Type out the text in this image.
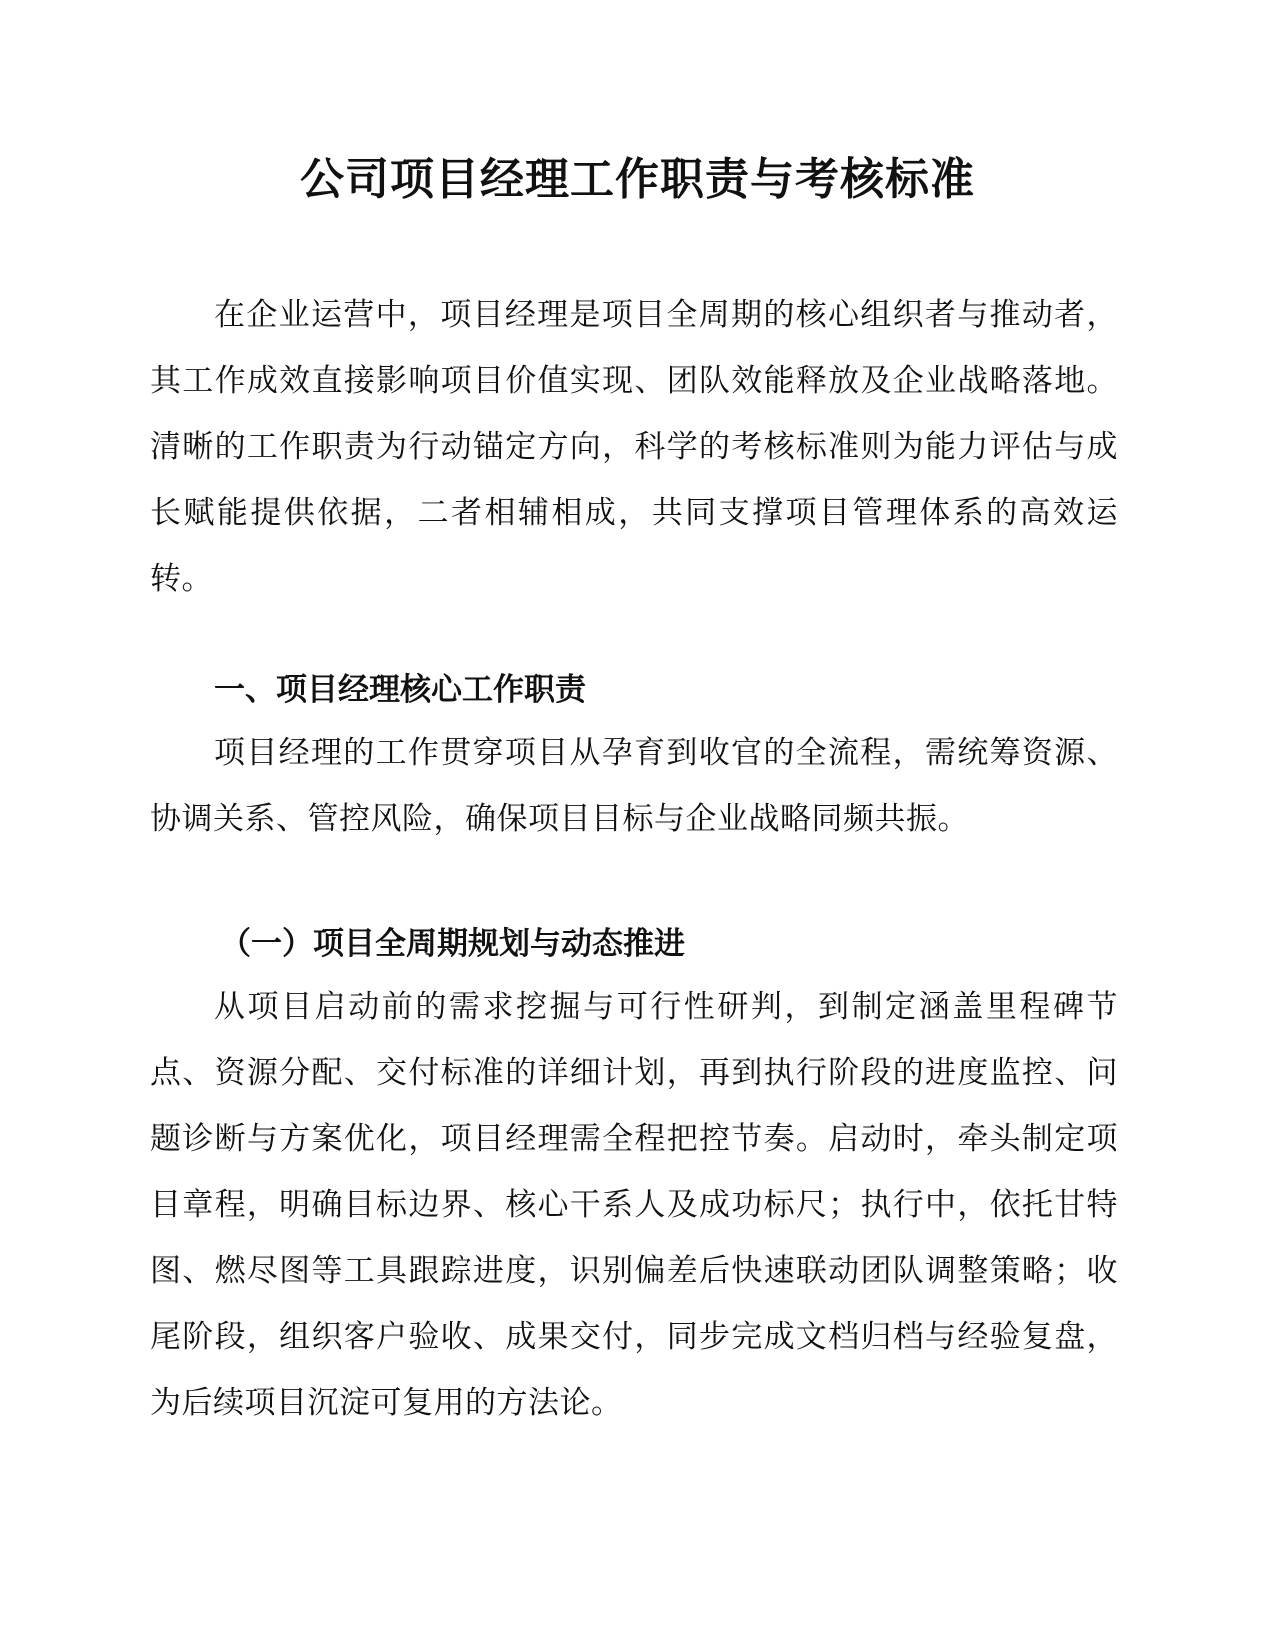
公司项目经理工作职责与考核标准

在企业运营中，项目经理是项目全周期的核心组织者与推动者，其工作成效直接影响项目价值实现、团队效能释放及企业战略落地。清晰的工作职责为行动锚定方向，科学的考核标准则为能力评估与成长赋能提供依据，二者相辅相成，共同支撑项目管理体系的高效运转。

一、项目经理核心工作职责

项目经理的工作贯穿项目从孕育到收官的全流程，需统筹资源、协调关系、管控风险，确保项目目标与企业战略同频共振。

（一）项目全周期规划与动态推进

从项目启动前的需求挖掘与可行性研判，到制定涵盖里程碑节点、资源分配、交付标准的详细计划，再到执行阶段的进度监控、问题诊断与方案优化，项目经理需全程把控节奏。启动时，牵头制定项目章程，明确目标边界、核心干系人及成功标尺；执行中，依托甘特图、燃尽图等工具跟踪进度，识别偏差后快速联动团队调整策略；收尾阶段，组织客户验收、成果交付，同步完成文档归档与经验复盘，为后续项目沉淀可复用的方法论。
